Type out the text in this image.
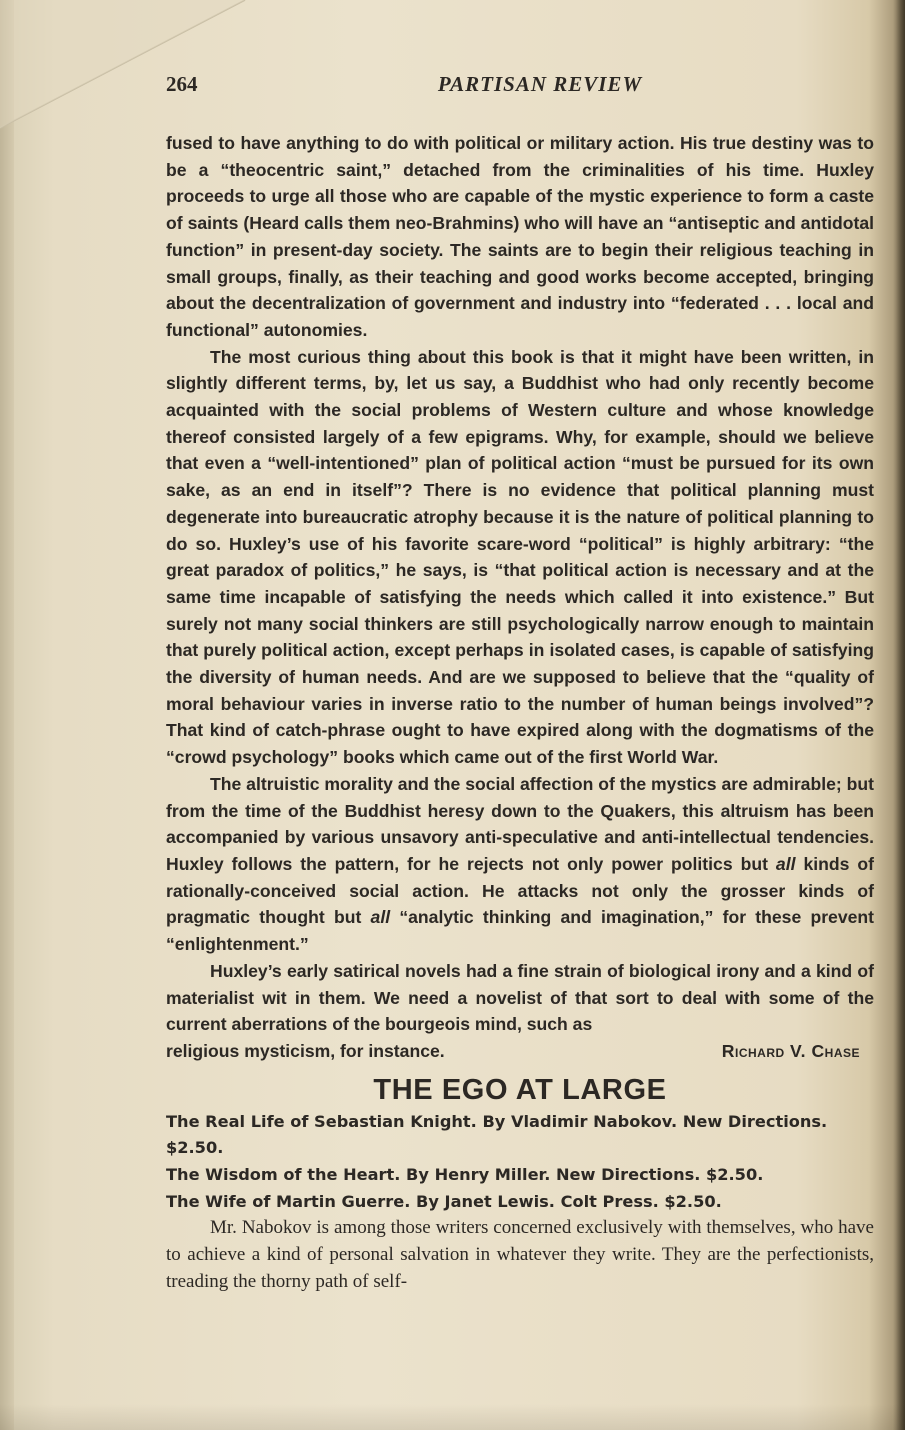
264	PARTISAN REVIEW

fused to have anything to do with political or military action. His true destiny was to be a “theocentric saint,” detached from the criminalities of his time. Huxley proceeds to urge all those who are capable of the mystic experience to form a caste of saints (Heard calls them neo-Brahmins) who will have an “antiseptic and antidotal function” in present-day society. The saints are to begin their religious teaching in small groups, finally, as their teaching and good works become accepted, bringing about the decentralization of government and industry into “federated . . . local and functional” autonomies.

The most curious thing about this book is that it might have been written, in slightly different terms, by, let us say, a Buddhist who had only recently become acquainted with the social problems of Western culture and whose knowledge thereof consisted largely of a few epigrams. Why, for example, should we believe that even a “well-intentioned” plan of political action “must be pursued for its own sake, as an end in itself”? There is no evidence that political planning must degenerate into bureaucratic atrophy because it is the nature of political planning to do so. Huxley’s use of his favorite scare-word “political” is highly arbitrary: “the great paradox of politics,” he says, is “that political action is necessary and at the same time incapable of satisfying the needs which called it into existence.” But surely not many social thinkers are still psychologically narrow enough to maintain that purely political action, except perhaps in isolated cases, is capable of satisfying the diversity of human needs. And are we supposed to believe that the “quality of moral behaviour varies in inverse ratio to the number of human beings involved”? That kind of catch-phrase ought to have expired along with the dogmatisms of the “crowd psychology” books which came out of the first World War.

The altruistic morality and the social affection of the mystics are admirable; but from the time of the Buddhist heresy down to the Quakers, this altruism has been accompanied by various unsavory anti-speculative and anti-intellectual tendencies. Huxley follows the pattern, for he rejects not only power politics but all kinds of rationally-conceived social action. He attacks not only the grosser kinds of pragmatic thought but all “analytic thinking and imagination,” for these prevent “enlightenment.”

Huxley’s early satirical novels had a fine strain of biological irony and a kind of materialist wit in them. We need a novelist of that sort to deal with some of the current aberrations of the bourgeois mind, such as

religious mysticism, for instance.	Richard V. Chase
THE EGO AT LARGE

The Real Life of Sebastian Knight. By Vladimir Nabokov. New Directions. $2.50.

The Wisdom of the Heart. By Henry Miller. New Directions. $2.50.

The Wife of Martin Guerre. By Janet Lewis. Colt Press. $2.50.

Mr. Nabokov is among those writers concerned exclusively with themselves, who have to achieve a kind of personal salvation in whatever they write. They are the perfectionists, treading the thorny path of self-
